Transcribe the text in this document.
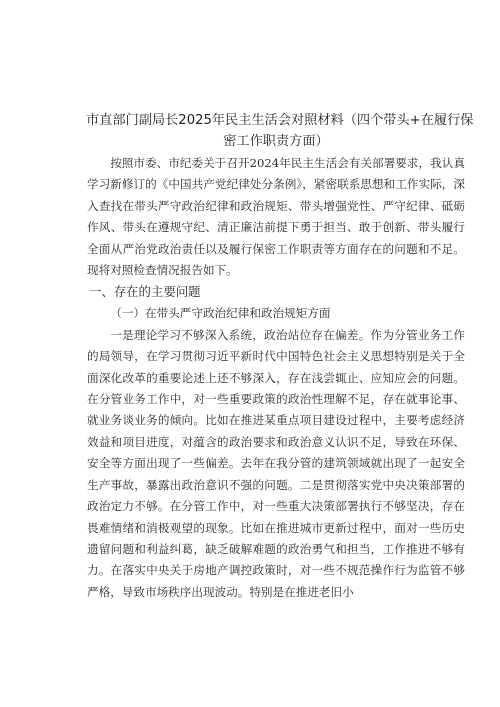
市直部门副局长2025年民主生活会对照材料（四个带头+在履行保
密工作职责方面）

按照市委、市纪委关于召开2024年民主生活会有关部署要求，我认真学习新修订的《中国共产党纪律处分条例》，紧密联系思想和工作实际，深入查找在带头严守政治纪律和政治规矩、带头增强党性、严守纪律、砥砺作风、带头在遵规守纪、清正廉洁前提下勇于担当、敢于创新、带头履行全面从严治党政治责任以及履行保密工作职责等方面存在的问题和不足。现将对照检查情况报告如下。

一、存在的主要问题

（一）在带头严守政治纪律和政治规矩方面

一是理论学习不够深入系统，政治站位存在偏差。作为分管业务工作的局领导，在学习贯彻习近平新时代中国特色社会主义思想特别是关于全面深化改革的重要论述上还不够深入，存在浅尝辄止、应知应会的问题。在分管业务工作中，对一些重要政策的政治性理解不足，存在就事论事、就业务谈业务的倾向。比如在推进某重点项目建设过程中，主要考虑经济效益和项目进度，对蕴含的政治要求和政治意义认识不足，导致在环保、安全等方面出现了一些偏差。去年在我分管的建筑领域就出现了一起安全生产事故，暴露出政治意识不强的问题。二是贯彻落实党中央决策部署的政治定力不够。在分管工作中，对一些重大决策部署执行不够坚决，存在畏难情绪和消极观望的现象。比如在推进城市更新过程中，面对一些历史遗留问题和利益纠葛，缺乏破解难题的政治勇气和担当，工作推进不够有力。在落实中央关于房地产调控政策时，对一些不规范操作行为监管不够严格，导致市场秩序出现波动。特别是在推进老旧小
